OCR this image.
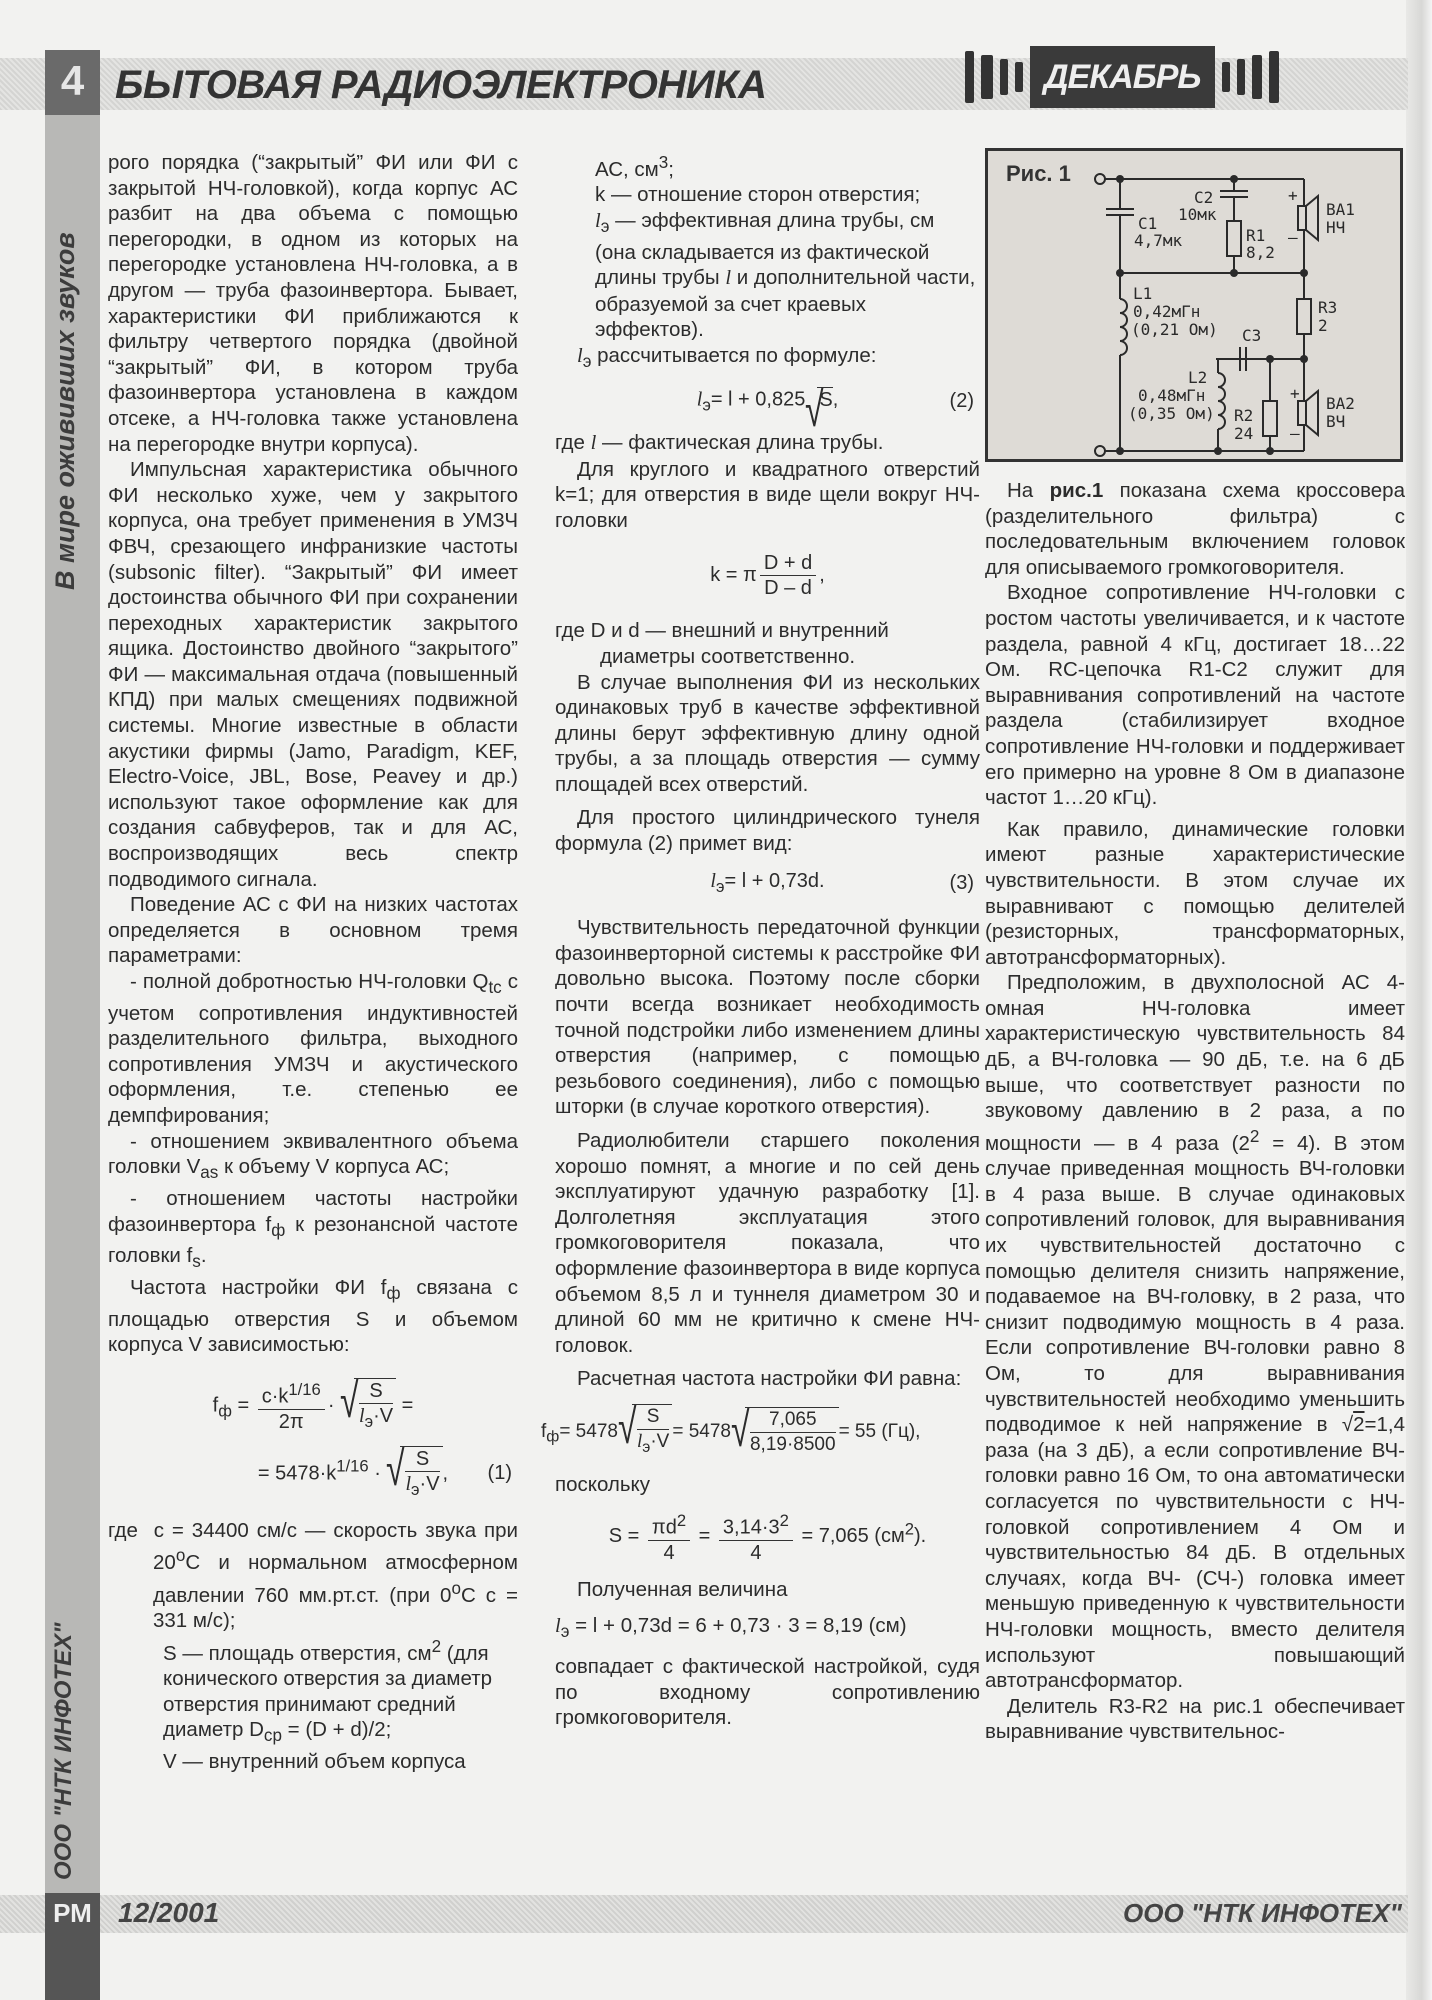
4 БЫТОВАЯ РАДИОЭЛЕКТРОНИКА	ДЕКАБРЬ
В мире ожививших звуков
ООО "НТК ИНФОТЕХ"

рого порядка (“закрытый” ФИ или ФИ с закрытой НЧ-головкой), когда корпус АС разбит на два объема с помощью перегородки, в одном из которых на перегородке установлена НЧ-головка, а в другом — труба фазоинвертора. Бывает, характеристики ФИ приближаются к фильтру четвертого порядка (двойной “закрытый” ФИ, в котором труба фазоинвертора установлена в каждом отсеке, а НЧ-головка также установлена на перегородке внутри корпуса).

Импульсная характеристика обычного ФИ несколько хуже, чем у закрытого корпуса, она требует применения в УМЗЧ ФВЧ, срезающего инфранизкие частоты (subsonic filter). “Закрытый” ФИ имеет достоинства обычного ФИ при сохранении переходных характеристик закрытого ящика. Достоинство двойного “закрытого” ФИ — максимальная отдача (повышенный КПД) при малых смещениях подвижной системы. Многие известные в области акустики фирмы (Jamo, Paradigm, KEF, Electro-Voice, JBL, Bose, Peavey и др.) используют такое оформление как для создания сабвуферов, так и для АС, воспроизводящих весь спектр подводимого сигнала.

Поведение АС с ФИ на низких частотах определяется в основном тремя параметрами:

- полной добротностью НЧ-головки $Q_{tc}$ с учетом сопротивления индуктивностей разделительного фильтра, выходного сопротивления УМЗЧ и акустического оформления, т.е. степенью ее демпфирования;

- отношением эквивалентного объема головки $V_{as}$ к объему V корпуса АС;

- отношением частоты настройки фазоинвертора $f_ф$ к резонансной частоте головки $f_s$.

Частота настройки ФИ $f_ф$ связана с площадью отверстия S и объемом корпуса V зависимостью:

$f_ф = \frac{c\cdot k^{1/16}}{2\pi}$ · √ $\frac{S}{l_э\cdot V}$ =
= $5478\cdot k^{1/16}$ · √ $\frac{S}{l_э\cdot V}$ , (1)

где c = 34400 см/с — скорость звука при 20$^o$С и нормальном атмосферном давлении 760 мм.рт.ст. (при 0$^o$С c = 331 м/с);

S — площадь отверстия, $см^2$ (для конического отверстия за диаметр отверстия принимают средний диаметр $D_{ср} = (D + d)/2$;

V — внутренний объем корпуса

АС, $см^3$;

k — отношение сторон отверстия;

$l_э$ — эффективная длина трубы, см (она складывается из фактической длины трубы l и дополнительной части, образуемой за счет краевых эффектов).

$l_э$ рассчитывается по формуле:

$l_э= l + 0,825$ √ S,	(2)

где l — фактическая длина трубы.

Для круглого и квадратного отверстий k=1; для отверстия в виде щели вокруг НЧ-головки

k = π $\frac{D + d}{D - d}$ ,

где D и d — внешний и внутренний

диаметры соответственно.

В случае выполнения ФИ из нескольких одинаковых труб в качестве эффективной длины берут эффективную длину одной трубы, а за площадь отверстия — сумму площадей всех отверстий.

Для простого цилиндрического тунеля формула (2) примет вид:

$l_э= l + 0,73d$.	(3)

Чувствительность передаточной функции фазоинверторной системы к расстройке ФИ довольно высока. Поэтому после сборки почти всегда возникает необходимость точной подстройки либо изменением длины отверстия (например, с помощью резьбового соединения), либо с помощью шторки (в случае короткого отверстия).

Радиолюбители старшего поколения хорошо помнят, а многие и по сей день эксплуатируют удачную разработку [1]. Долголетняя эксплуатация этого громкоговорителя показала, что оформление фазоинвертора в виде корпуса объемом 8,5 л и туннеля диаметром 30 и длиной 60 мм не критично к смене НЧ-головок.

Расчетная частота настройки ФИ равна:

$f_ф= 5478$ √ $\frac{S}{l_э\cdot V} = 5478$ √ $\frac{7,065}{8,19\cdot 8500} = 55$ (Гц),

поскольку

$S = \frac{\pi d^2}{4} = \frac{3,14\cdot 3^2}{4} = 7,065$ $(см^2)$.

Полученная величина

$l_э = l + 0,73d = 6 + 0,73 \cdot 3 = 8,19$ (см)

совпадает с фактической настройкой, судя по входному сопротивлению громкоговорителя.

C1
4,7мк
C2
10мк
R1
8,2
+
–
BA1
НЧ
L1
0,42мГн
(0,21 Ом)
R3
2
C3
L2
0,48мГн
(0,35 Ом) R2
24
+
–
BA2
ВЧ
Рис. 1

На рис.1 показана схема кроссовера (разделительного фильтра) с последовательным включением головок для описываемого громкоговорителя.

Входное сопротивление НЧ-головки с ростом частоты увеличивается, и к частоте раздела, равной 4 кГц, достигает 18…22 Ом. RC-цепочка R1-C2 служит для выравнивания сопротивлений на частоте раздела (стабилизирует входное сопротивление НЧ-головки и поддерживает его примерно на уровне 8 Ом в диапазоне частот 1…20 кГц).

Как правило, динамические головки имеют разные характеристические чувствительности. В этом случае их выравнивают с помощью делителей (резисторных, трансформаторных, автотрансформаторных).

Предположим, в двухполосной АС 4-омная НЧ-головка имеет характеристическую чувствительность 84 дБ, а ВЧ-головка — 90 дБ, т.е. на 6 дБ выше, что соответствует разности по звуковому давлению в 2 раза, а по мощности — в 4 раза $(2^2 = 4)$. В этом случае приведенная мощность ВЧ-головки в 4 раза выше. В случае одинаковых сопротивлений головок, для выравнивания их чувствительностей достаточно с помощью делителя снизить напряжение, подаваемое на ВЧ-головку, в 2 раза, что снизит подводимую мощность в 4 раза. Если сопротивление ВЧ-головки равно 8 Ом, то для выравнивания чувствительностей необходимо уменьшить подводимое к ней напряжение в √2=1,4 раза (на 3 дБ), а если сопротивление ВЧ-головки равно 16 Ом, то она автоматически согласуется по чувствительности с НЧ-головкой сопротивлением 4 Ом и чувствительностью 84 дБ. В отдельных случаях, когда ВЧ- (СЧ-) головка имеет меньшую приведенную к чувствительности НЧ-головки мощность, вместо делителя используют повышающий автотрансформатор.

Делитель R3-R2 на рис.1 обеспечивает выравнивание чувствительнос-

РМ 12/2001	ООО "НТК ИНФОТЕХ"
